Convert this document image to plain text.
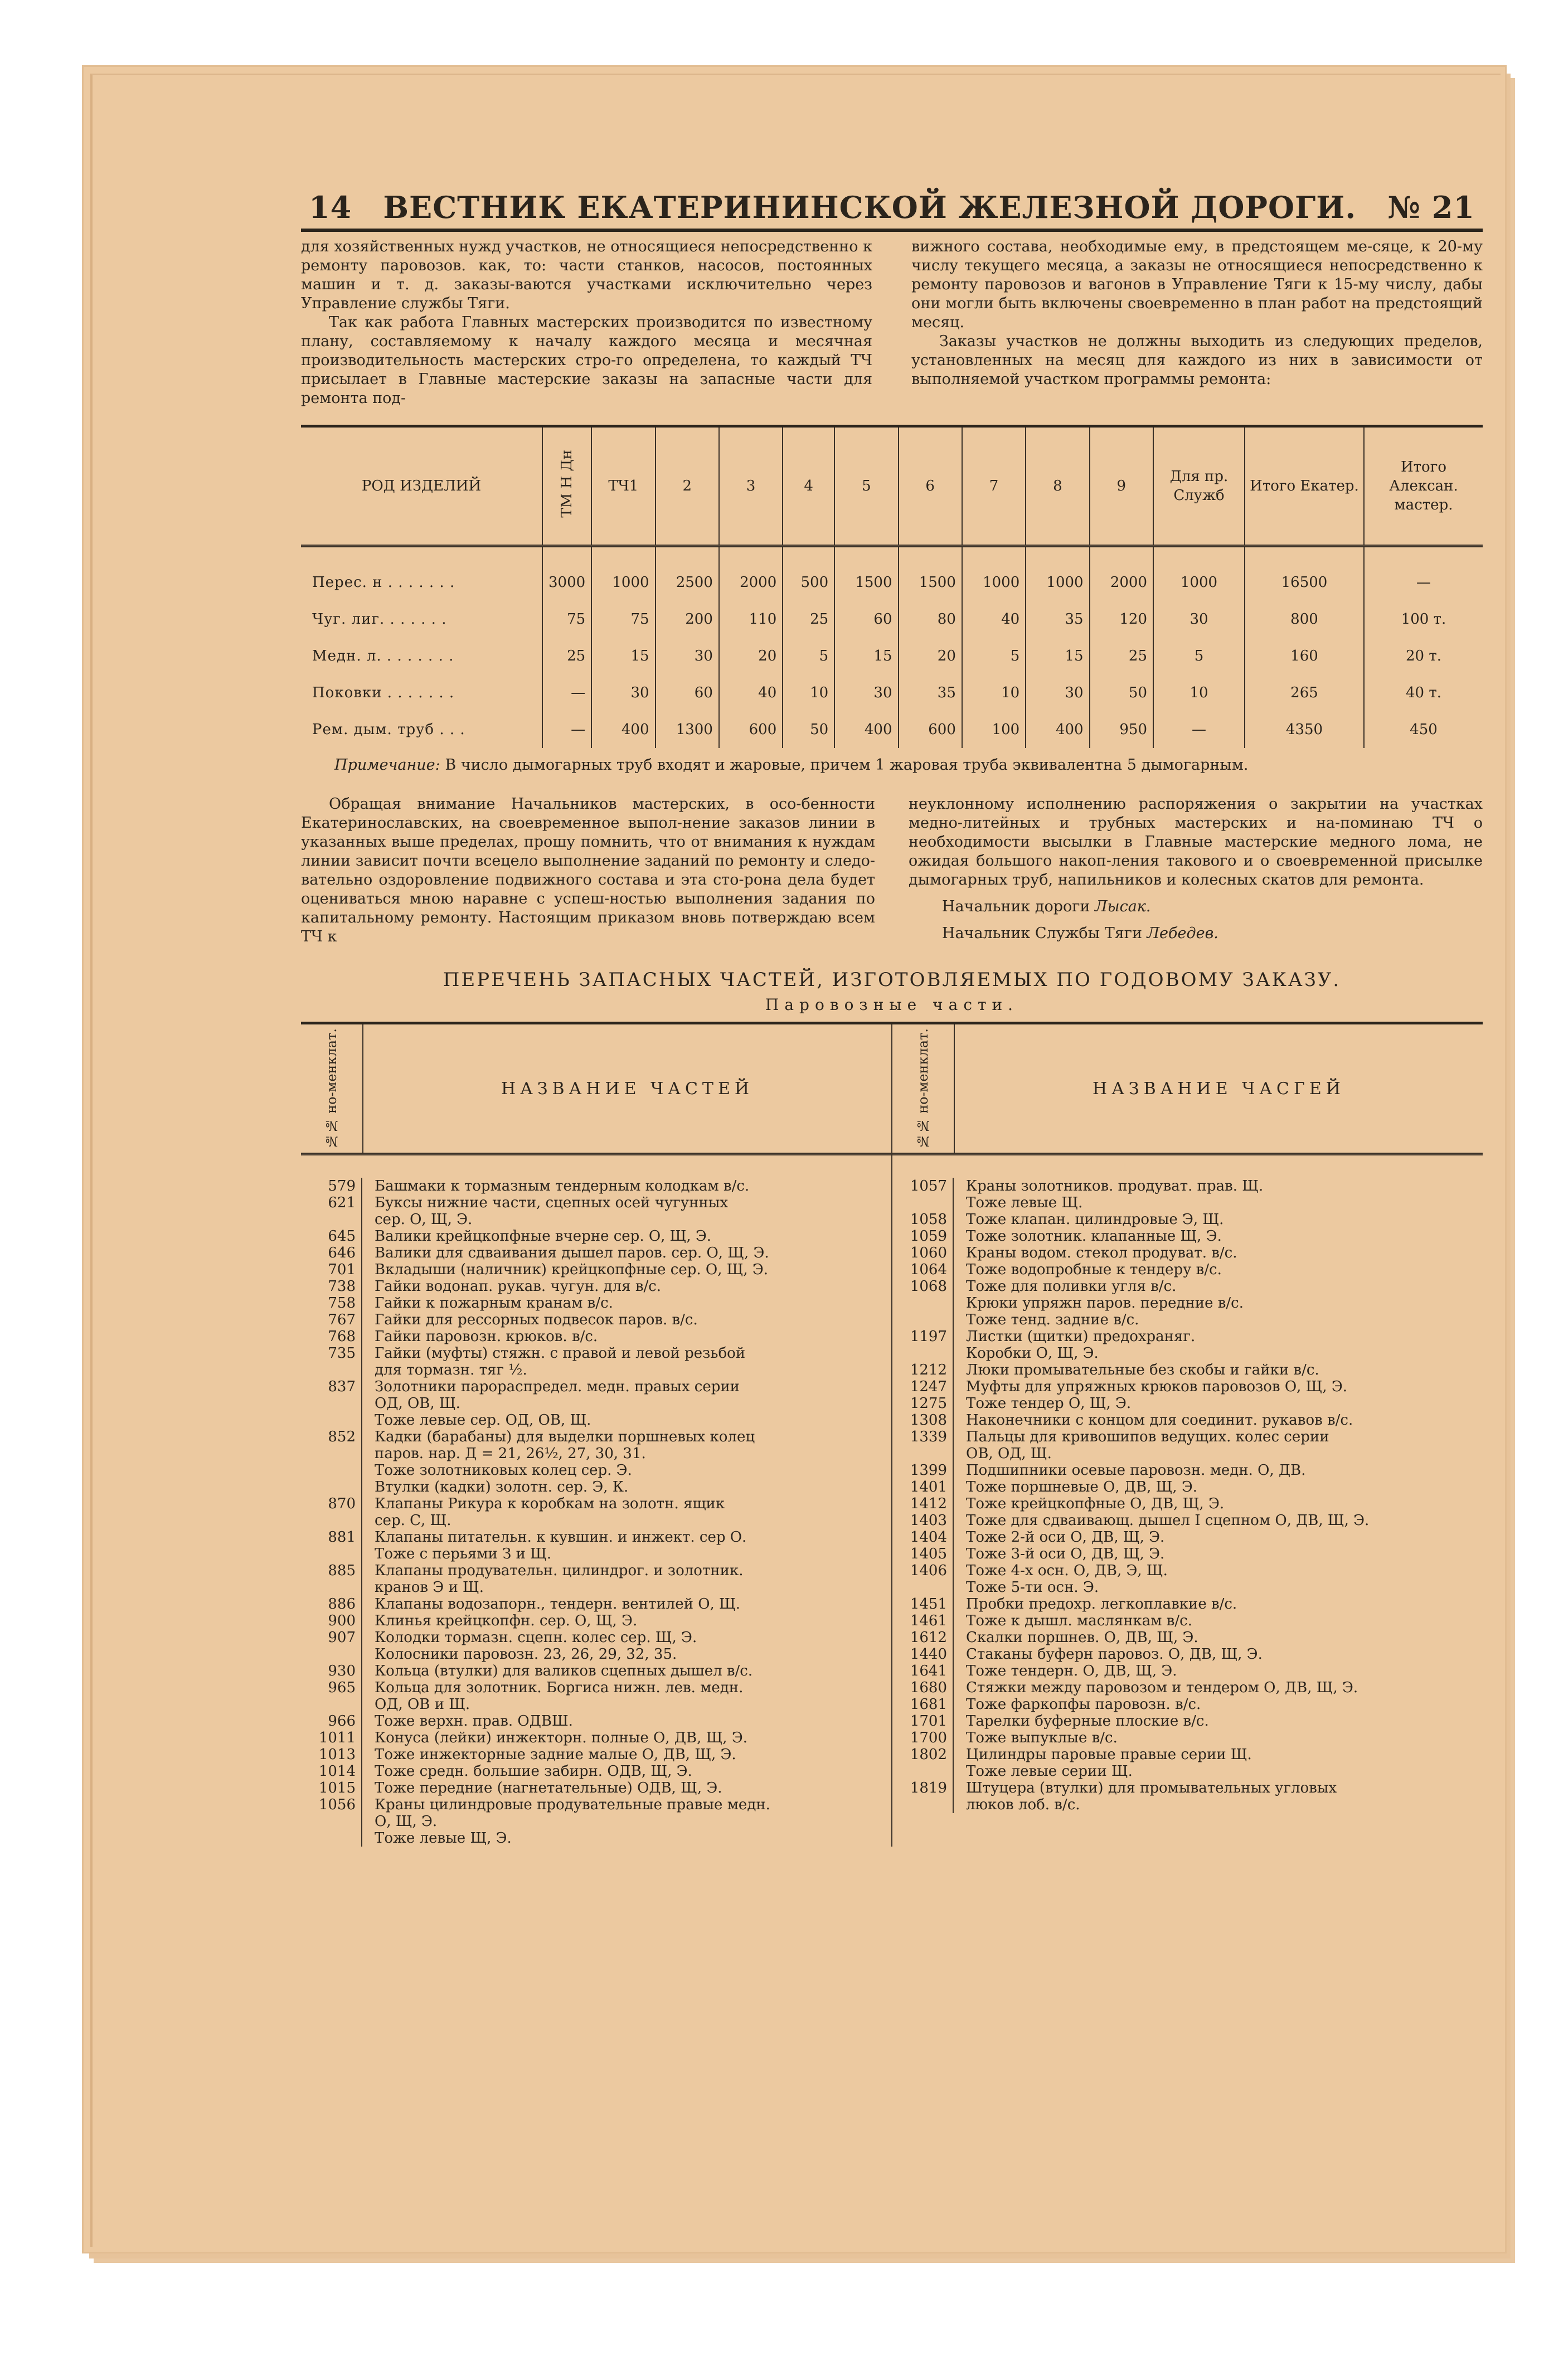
14 ВЕСТНИК ЕКАТЕРИНИНСКОЙ ЖЕЛЕЗНОЙ ДОРОГИ. № 21

для хозяйственных нужд участков, не относящиеся непосредственно к ремонту паровозов. как, то: части станков, насосов, постоянных машин и т. д. заказы-ваются участками исключительно через Управление службы Тяги.

Так как работа Главных мастерских производится по известному плану, составляемому к началу каждого месяца и месячная производительность мастерских стро-го определена, то каждый ТЧ присылает в Главные мастерские заказы на запасные части для ремонта под-

вижного состава, необходимые ему, в предстоящем ме-сяце, к 20-му числу текущего месяца, а заказы не относящиеся непосредственно к ремонту паровозов и вагонов в Управление Тяги к 15-му числу, дабы они могли быть включены своевременно в план работ на предстоящий месяц.

Заказы участков не должны выходить из следующих пределов, установленных на месяц для каждого из них в зависимости от выполняемой участком программы ремонта:

РОД ИЗДЕЛИЙ	ТМ Н Дн	ТЧ1	2	3	4	5	6	7	8	9	Для пр. Служб	Итого Екатер.	Итого Алексан. мастер.
Перес. н . . . . . . .	3000	1000	2500	2000	500	1500	1500	1000	1000	2000	1000	16500	—
Чуг. лиг. . . . . . .	75	75	200	110	25	60	80	40	35	120	30	800	100 т.
Медн. л. . . . . . . .	25	15	30	20	5	15	20	5	15	25	5	160	20 т.
Поковки . . . . . . .	—	30	60	40	10	30	35	10	30	50	10	265	40 т.
Рем. дым. труб . . .	—	400	1300	600	50	400	600	100	400	950	—	4350	450
Примечание: В число дымогарных труб входят и жаровые, причем 1 жаровая труба эквивалентна 5 дымогарным.

Обращая внимание Начальников мастерских, в осо-бенности Екатеринославских, на своевременное выпол-нение заказов линии в указанных выше пределах, прошу помнить, что от внимания к нуждам линии зависит почти всецело выполнение заданий по ремонту и следо-вательно оздоровление подвижного состава и эта сто-рона дела будет оцениваться мною наравне с успеш-ностью выполнения задания по капитальному ремонту. Настоящим приказом вновь потверждаю всем ТЧ к

неуклонному исполнению распоряжения о закрытии на участках медно-литейных и трубных мастерских и на-поминаю ТЧ о необходимости высылки в Главные мастерские медного лома, не ожидая большого накоп-ления такового и о своевременной присылке дымогарных труб, напильников и колесных скатов для ремонта.

Начальник дороги Лысак.

Начальник Службы Тяги Лебедев.

ПЕРЕЧЕНЬ ЗАПАСНЫХ ЧАСТЕЙ, ИЗГОТОВЛЯЕМЫХ ПО ГОДОВОМУ ЗАКАЗУ.
Паровозные части.
№№ но-менклат.	НАЗВАНИЕ ЧАСТЕЙ
579	Башмаки к тормазным тендерным колодкам в/с.
621	Буксы нижние части, сцепных осей чугунных
сер. О, Щ, Э.
645	Валики крейцкопфные вчерне сер. О, Щ, Э.
646	Валики для сдваивания дышел паров. сер. О, Щ, Э.
701	Вкладыши (наличник) крейцкопфные сер. О, Щ, Э.
738	Гайки водонап. рукав. чугун. для в/с.
758	Гайки к пожарным кранам в/с.
767	Гайки для рессорных подвесок паров. в/с.
768	Гайки паровозн. крюков. в/с.
735	Гайки (муфты) стяжн. с правой и левой резьбой
для тормазн. тяг ½.
837	Золотники парораспредел. медн. правых серии
ОД, ОВ, Щ.
Тоже левые сер. ОД, ОВ, Щ.
852	Кадки (барабаны) для выделки поршневых колец
паров. нар. Д = 21, 26½, 27, 30, 31.
Тоже золотниковых колец сер. Э.
Втулки (кадки) золотн. сер. Э, К.
870	Клапаны Рикура к коробкам на золотн. ящик
сер. С, Щ.
881	Клапаны питательн. к кувшин. и инжект. сер О.
Тоже с перьями З и Щ.
885	Клапаны продувательн. цилиндрог. и золотник.
кранов Э и Щ.
886	Клапаны водозапорн., тендерн. вентилей О, Щ.
900	Клинья крейцкопфн. сер. О, Щ, Э.
907	Колодки тормазн. сцепн. колес сер. Щ, Э.
Колосники паровозн. 23, 26, 29, 32, 35.
930	Кольца (втулки) для валиков сцепных дышел в/с.
965	Кольца для золотник. Боргиса нижн. лев. медн.
ОД, ОВ и Щ.
966	Тоже верхн. прав. ОДВШ.
1011	Конуса (лейки) инжекторн. полные О, ДВ, Щ, Э.
1013	Тоже инжекторные задние малые О, ДВ, Щ, Э.
1014	Тоже средн. большие забирн. ОДВ, Щ, Э.
1015	Тоже передние (нагнетательные) ОДВ, Щ, Э.
1056	Краны цилиндровые продувательные правые медн.
О, Щ, Э.
Тоже левые Щ, Э.
№№ но-менклат.	НАЗВАНИЕ ЧАСГЕЙ
1057	Краны золотников. продуват. прав. Щ.
Тоже левые Щ.
1058	Тоже клапан. цилиндровые Э, Щ.
1059	Тоже золотник. клапанные Щ, Э.
1060	Краны водом. стекол продуват. в/с.
1064	Тоже водопробные к тендеру в/с.
1068	Тоже для поливки угля в/с.
Крюки упряжн паров. передние в/с.
Тоже тенд. задние в/с.
1197	Листки (щитки) предохраняг.
Коробки О, Щ, Э.
1212	Люки промывательные без скобы и гайки в/с.
1247	Муфты для упряжных крюков паровозов О, Щ, Э.
1275	Тоже тендер О, Щ, Э.
1308	Наконечники с концом для соединит. рукавов в/с.
1339	Пальцы для кривошипов ведущих. колес серии
ОВ, ОД, Щ.
1399	Подшипники осевые паровозн. медн. О, ДВ.
1401	Тоже поршневые О, ДВ, Щ, Э.
1412	Тоже крейцкопфные О, ДВ, Щ, Э.
1403	Тоже для сдваивающ. дышел I сцепном О, ДВ, Щ, Э.
1404	Тоже 2-й оси О, ДВ, Щ, Э.
1405	Тоже 3-й оси О, ДВ, Щ, Э.
1406	Тоже 4-х осн. О, ДВ, Э, Щ.
Тоже 5-ти осн. Э.
1451	Пробки предохр. легкоплавкие в/с.
1461	Тоже к дышл. маслянкам в/с.
1612	Скалки поршнев. О, ДВ, Щ, Э.
1440	Стаканы буферн паровоз. О, ДВ, Щ, Э.
1641	Тоже тендерн. О, ДВ, Щ, Э.
1680	Стяжки между паровозом и тендером О, ДВ, Щ, Э.
1681	Тоже фаркопфы паровозн. в/с.
1701	Тарелки буферные плоские в/с.
1700	Тоже выпуклые в/с.
1802	Цилиндры паровые правые серии Щ.
Тоже левые серии Щ.
1819	Штуцера (втулки) для промывательных угловых
люков лоб. в/с.
